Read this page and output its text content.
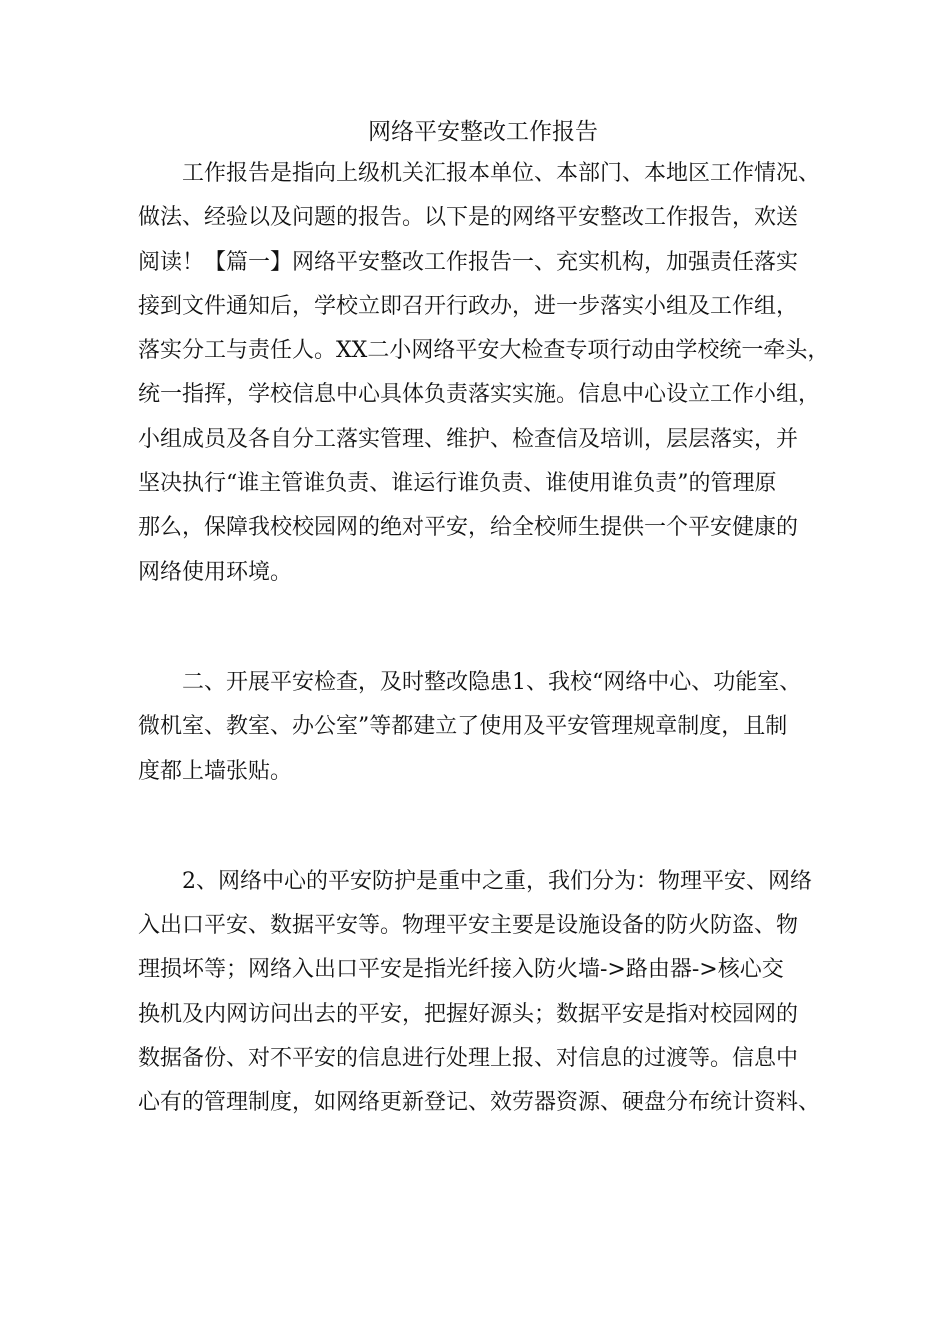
网络平安整改工作报告

　　工作报告是指向上级机关汇报本单位、本部门、本地区工作情况、
做法、经验以及问题的报告。以下是的网络平安整改工作报告，欢送
阅读！【篇一】网络平安整改工作报告一、充实机构，加强责任落实
接到文件通知后，学校立即召开行政办，进一步落实小组及工作组，
落实分工与责任人。XX二小网络平安大检查专项行动由学校统一牵头，
统一指挥，学校信息中心具体负责落实实施。信息中心设立工作小组，
小组成员及各自分工落实管理、维护、检查信及培训，层层落实，并
坚决执行“谁主管谁负责、谁运行谁负责、谁使用谁负责”的管理原
那么，保障我校校园网的绝对平安，给全校师生提供一个平安健康的
网络使用环境。

　　二、开展平安检查，及时整改隐患1、我校“网络中心、功能室、
微机室、教室、办公室”等都建立了使用及平安管理规章制度，且制
度都上墙张贴。

　　2、网络中心的平安防护是重中之重，我们分为：物理平安、网络
入出口平安、数据平安等。物理平安主要是设施设备的防火防盗、物
理损坏等；网络入出口平安是指光纤接入防火墙->路由器->核心交
换机及内网访问出去的平安，把握好源头；数据平安是指对校园网的
数据备份、对不平安的信息进行处理上报、对信息的过渡等。信息中
心有的管理制度，如网络更新登记、效劳器资源、硬盘分布统计资料、
